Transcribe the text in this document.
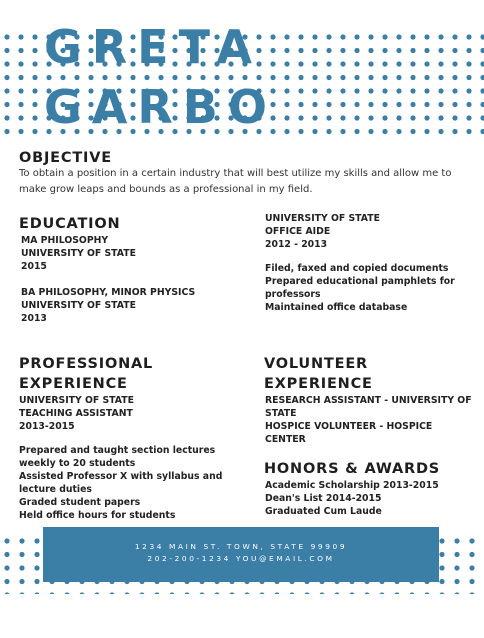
GRETA
GARBO
OBJECTIVE

To obtain a position in a certain industry that will best utilize my skills and allow me to

make grow leaps and bounds as a professional in my field.

EDUCATION
MA PHILOSOPHY
UNIVERSITY OF STATE
2015
BA PHILOSOPHY, MINOR PHYSICS
UNIVERSITY OF STATE
2013
UNIVERSITY OF STATE
OFFICE AIDE
2012 - 2013
Filed, faxed and copied documents
Prepared educational pamphlets for
professors
Maintained office database
PROFESSIONAL
EXPERIENCE
UNIVERSITY OF STATE
TEACHING ASSISTANT
2013-2015
Prepared and taught section lectures
weekly to 20 students
Assisted Professor X with syllabus and
lecture duties
Graded student papers
Held office hours for students
VOLUNTEER
EXPERIENCE
RESEARCH ASSISTANT - UNIVERSITY OF
STATE
HOSPICE VOLUNTEER - HOSPICE
CENTER
HONORS & AWARDS
Academic Scholarship 2013-2015
Dean's List 2014-2015
Graduated Cum Laude
1234 MAIN ST. TOWN, STATE 99909
202-200-1234 YOU@EMAIL.COM
